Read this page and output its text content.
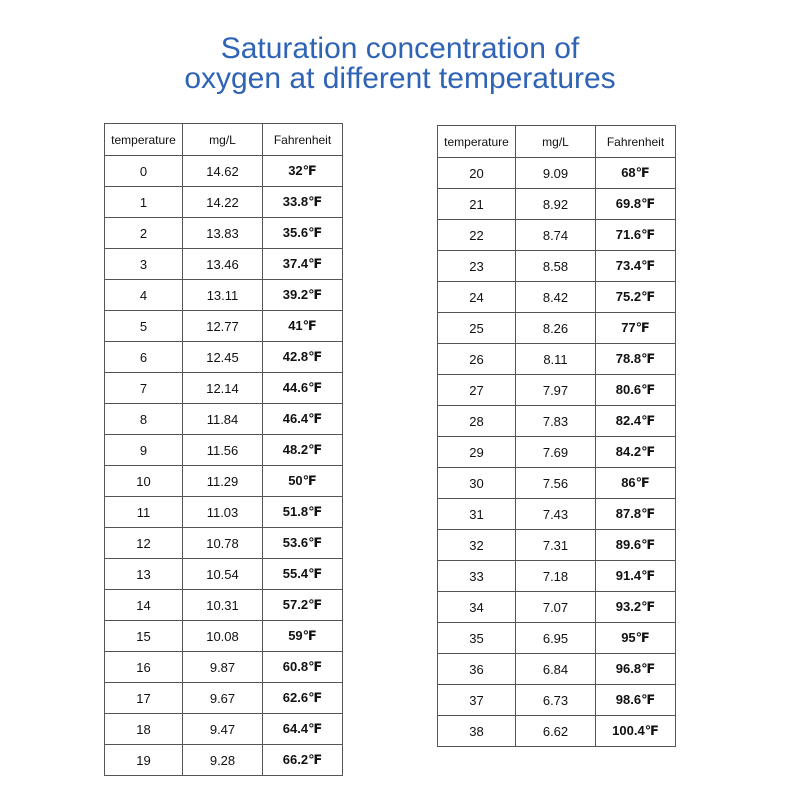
Saturation concentration of
oxygen at different temperatures
temperature	mg/L	Fahrenheit
0	14.62	32℉
1	14.22	33.8℉
2	13.83	35.6℉
3	13.46	37.4℉
4	13.11	39.2℉
5	12.77	41℉
6	12.45	42.8℉
7	12.14	44.6℉
8	11.84	46.4℉
9	11.56	48.2℉
10	11.29	50℉
11	11.03	51.8℉
12	10.78	53.6℉
13	10.54	55.4℉
14	10.31	57.2℉
15	10.08	59℉
16	9.87	60.8℉
17	9.67	62.6℉
18	9.47	64.4℉
19	9.28	66.2℉
temperature	mg/L	Fahrenheit
20	9.09	68℉
21	8.92	69.8℉
22	8.74	71.6℉
23	8.58	73.4℉
24	8.42	75.2℉
25	8.26	77℉
26	8.11	78.8℉
27	7.97	80.6℉
28	7.83	82.4℉
29	7.69	84.2℉
30	7.56	86℉
31	7.43	87.8℉
32	7.31	89.6℉
33	7.18	91.4℉
34	7.07	93.2℉
35	6.95	95℉
36	6.84	96.8℉
37	6.73	98.6℉
38	6.62	100.4℉
